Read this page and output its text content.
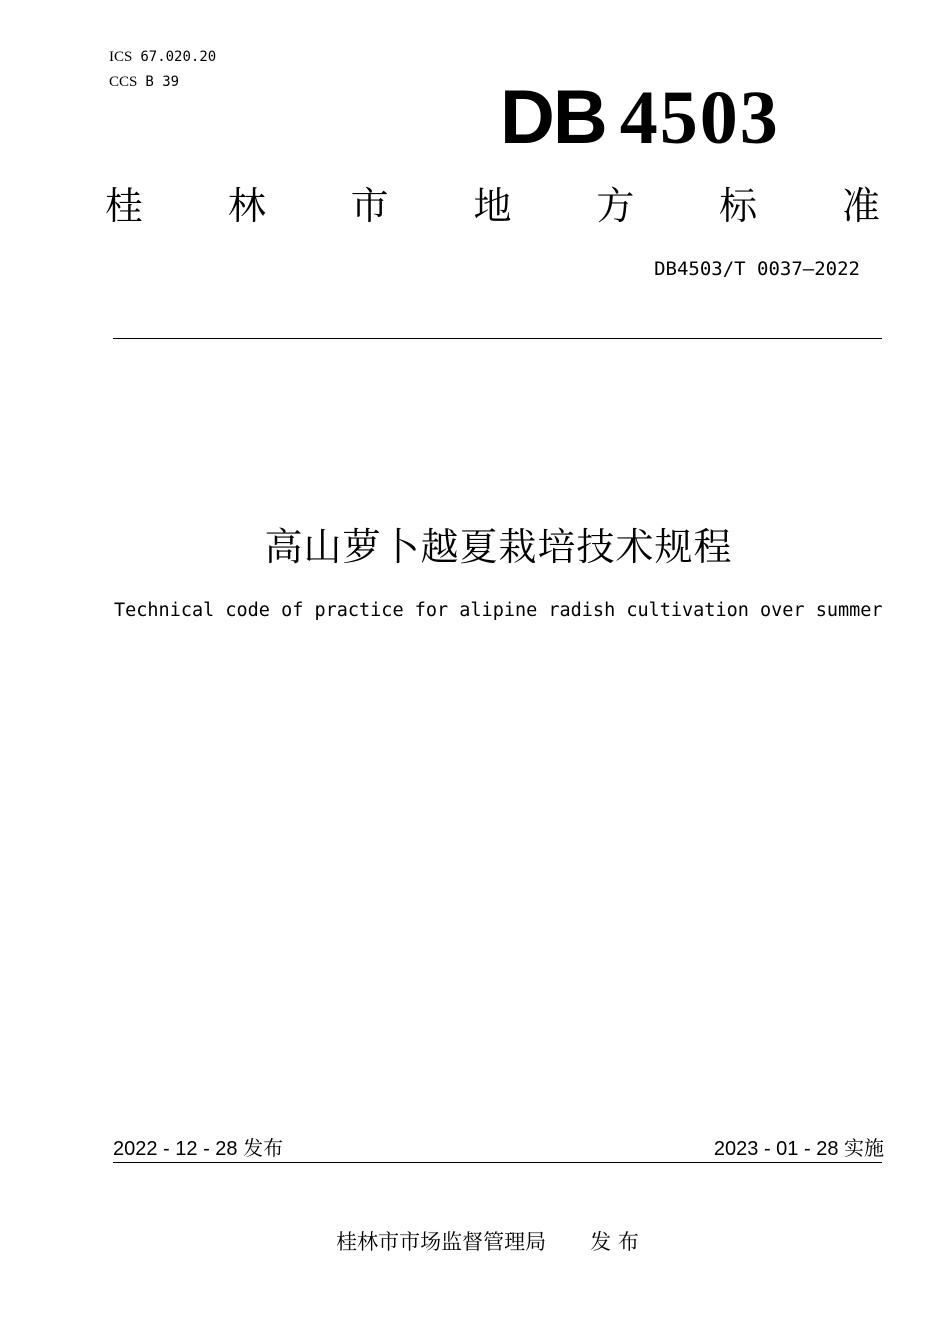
ICS 67.020.20
CCS B 39	DB 4503
桂 林 市 地 方 标 准
DB4503/T 0037—2022
高山萝卜越夏栽培技术规程
Technical code of practice for alipine radish cultivation over summer
2022 - 12 - 28 发布	2023 - 01 - 28 实施
桂林市市场监督管理局 发 布
